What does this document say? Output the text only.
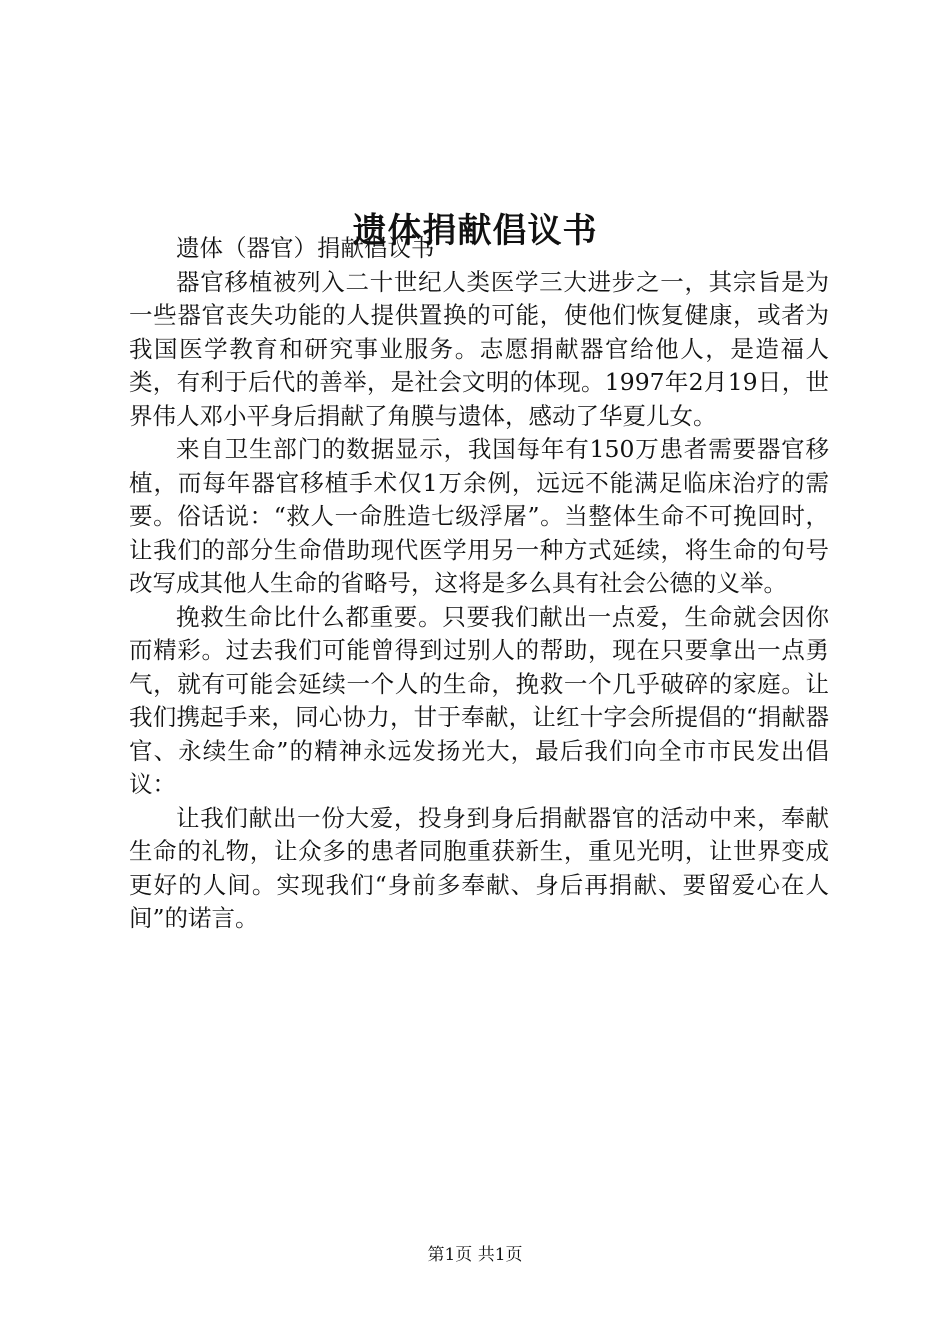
遗体捐献倡议书

遗体（器官）捐献倡议书

器官移植被列入二十世纪人类医学三大进步之一，其宗旨是为一些器官丧失功能的人提供置换的可能，使他们恢复健康，或者为我国医学教育和研究事业服务。志愿捐献器官给他人，是造福人类，有利于后代的善举，是社会文明的体现。1997年2月19日，世界伟人邓小平身后捐献了角膜与遗体，感动了华夏儿女。

来自卫生部门的数据显示，我国每年有150万患者需要器官移植，而每年器官移植手术仅1万余例，远远不能满足临床治疗的需要。俗话说：“救人一命胜造七级浮屠”。当整体生命不可挽回时，让我们的部分生命借助现代医学用另一种方式延续，将生命的句号改写成其他人生命的省略号，这将是多么具有社会公德的义举。

挽救生命比什么都重要。只要我们献出一点爱，生命就会因你而精彩。过去我们可能曾得到过别人的帮助，现在只要拿出一点勇气，就有可能会延续一个人的生命，挽救一个几乎破碎的家庭。让我们携起手来，同心协力，甘于奉献，让红十字会所提倡的“捐献器官、永续生命”的精神永远发扬光大，最后我们向全市市民发出倡议：

让我们献出一份大爱，投身到身后捐献器官的活动中来，奉献生命的礼物，让众多的患者同胞重获新生，重见光明，让世界变成更好的人间。实现我们“身前多奉献、身后再捐献、要留爱心在人间”的诺言。

第1页 共1页
